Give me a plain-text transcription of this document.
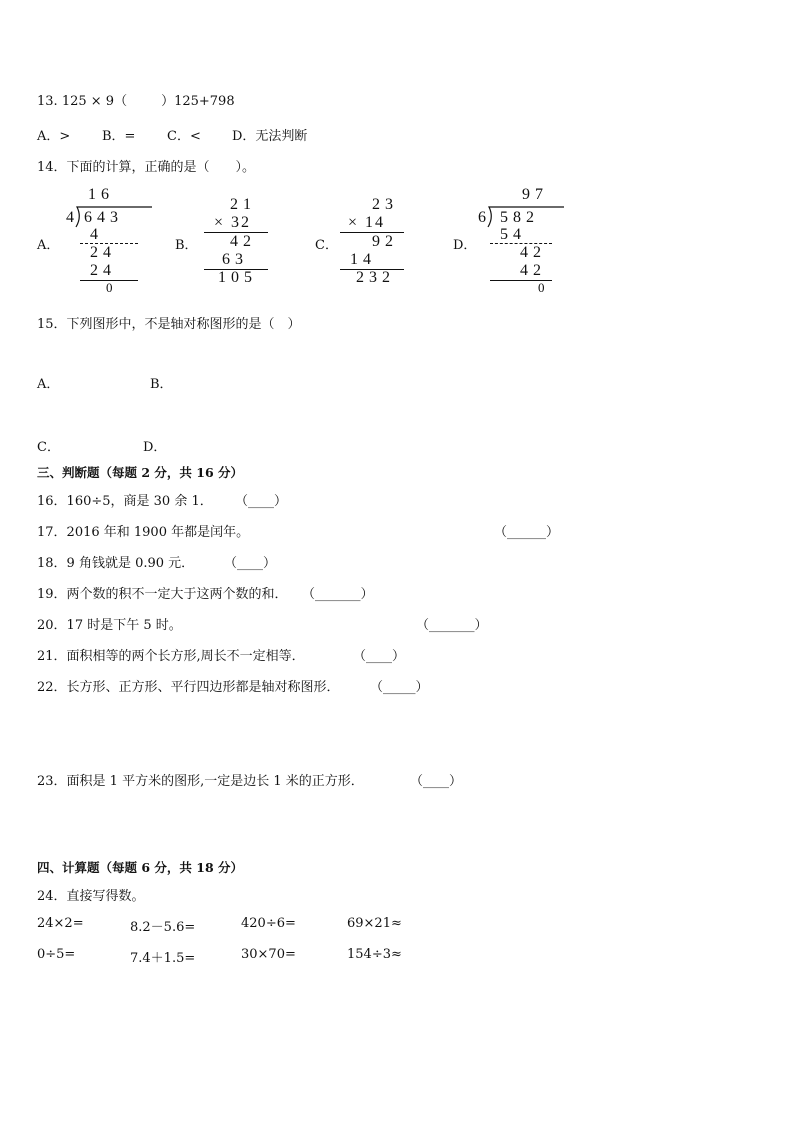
13. 125 × 9（	）125+798
A．> B．= C．< D．无法判断
14．下面的计算，正确的是（　　）。
A．
16
4 643
4
24
24
0
B．
21
× 32
42
63
105
C．
23
× 14
92
14
232
D．
97
6 582
54
42
42
0
15．下列图形中，不是轴对称图形的是（　）
A．	B．
C．	D．
三、判断题（每题 2 分，共 16 分）
16．160÷5，商是 30 余 1． （____）
17．2016 年和 1900 年都是闰年。	（______）
18．9 角钱就是 0.90 元． （____）
19．两个数的积不一定大于这两个数的和． （_______）
20．17 时是下午 5 时。	（_______）
21．面积相等的两个长方形,周长不一定相等．	（____）
22．长方形、正方形、平行四边形都是轴对称图形． （_____）
23．面积是 1 平方米的图形,一定是边长 1 米的正方形．	（____）
四、计算题（每题 6 分，共 18 分）
24．直接写得数。
24×2=	8.2－5.6=	420÷6=	69×21≈
0÷5=	7.4＋1.5=	30×70=	154÷3≈
